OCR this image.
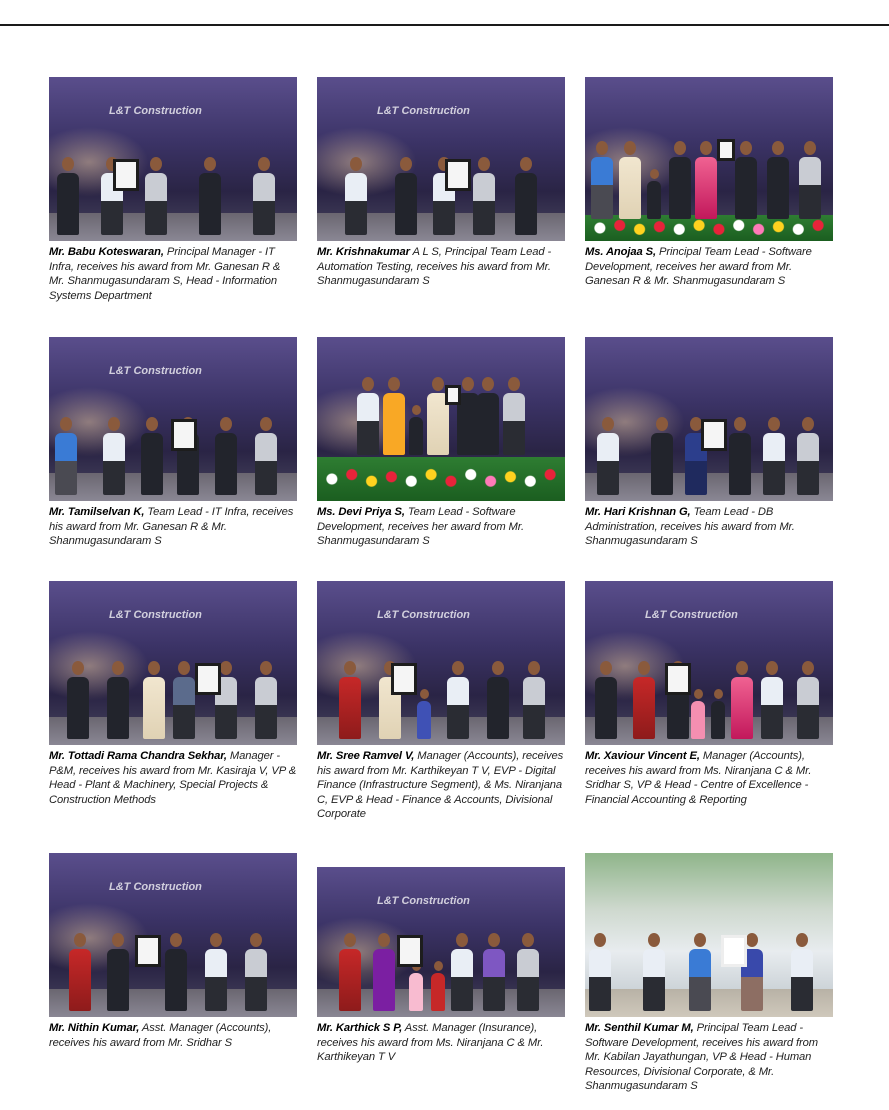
L&T Construction
Mr. Babu Koteswaran, Principal Manager - IT Infra, receives his award from Mr. Ganesan R & Mr. Shanmugasundaram S, Head - Information Systems Department
L&T Construction
Mr. Krishnakumar A L S, Principal Team Lead - Automation Testing, receives his award from Mr. Shanmugasundaram S
Ms. Anojaa S, Principal Team Lead - Software Development, receives her award from Mr. Ganesan R & Mr. Shanmugasundaram S
L&T Construction
Mr. Tamilselvan K, Team Lead - IT Infra, receives his award from Mr. Ganesan R & Mr. Shanmugasundaram S
Ms. Devi Priya S, Team Lead - Software Development, receives her award from Mr. Shanmugasundaram S
Mr. Hari Krishnan G, Team Lead - DB Administration, receives his award from Mr. Shanmugasundaram S
L&T Construction
Mr. Tottadi Rama Chandra Sekhar, Manager - P&M, receives his award from Mr. Kasiraja V, VP & Head - Plant & Machinery, Special Projects & Construction Methods
L&T Construction
Mr. Sree Ramvel V, Manager (Accounts), receives his award from Mr. Karthikeyan T V, EVP - Digital Finance (Infrastructure Segment), & Ms. Niranjana C, EVP & Head - Finance & Accounts, Divisional Corporate
L&T Construction
Mr. Xaviour Vincent E, Manager (Accounts), receives his award from Ms. Niranjana C & Mr. Sridhar S, VP & Head - Centre of Excellence - Financial Accounting & Reporting
L&T Construction
Mr. Nithin Kumar, Asst. Manager (Accounts), receives his award from Mr. Sridhar S
L&T Construction
Mr. Karthick S P, Asst. Manager (Insurance), receives his award from Ms. Niranjana C & Mr. Karthikeyan T V
Mr. Senthil Kumar M, Principal Team Lead - Software Development, receives his award from Mr. Kabilan Jayathungan, VP & Head - Human Resources, Divisional Corporate, & Mr. Shanmugasundaram S
